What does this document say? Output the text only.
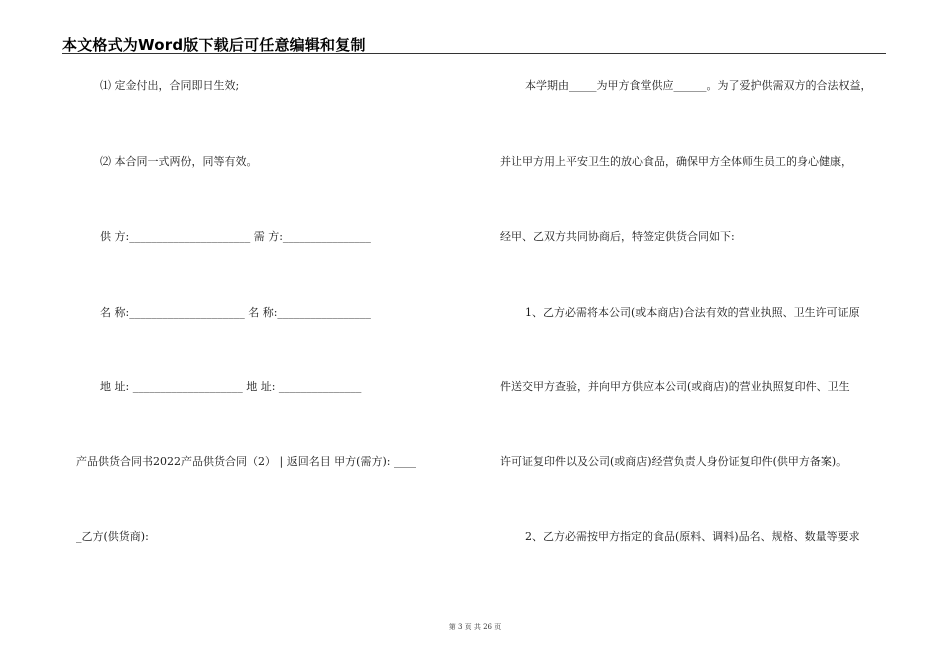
本文格式为Word版下载后可任意编辑和复制
⑴ 定金付出，合同即日生效;
⑵ 本合同一式两份，同等有效。
供 方:______________________ 需 方:________________
名 称:_____________________ 名 称:_________________
地 址: ____________________ 地 址: _______________
产品供货合同书2022产品供货合同（2） | 返回名目 甲方(需方): ____
_乙方(供货商):
本学期由_____为甲方食堂供应______。为了爱护供需双方的合法权益，
并让甲方用上平安卫生的放心食品，确保甲方全体师生员工的身心健康，
经甲、乙双方共同协商后，特签定供货合同如下:
1、乙方必需将本公司(或本商店)合法有效的营业执照、卫生许可证原
件送交甲方查验，并向甲方供应本公司(或商店)的营业执照复印件、卫生
许可证复印件以及公司(或商店)经营负责人身份证复印件(供甲方备案)。
2、乙方必需按甲方指定的食品(原料、调料)品名、规格、数量等要求
第 3 页 共 26 页
